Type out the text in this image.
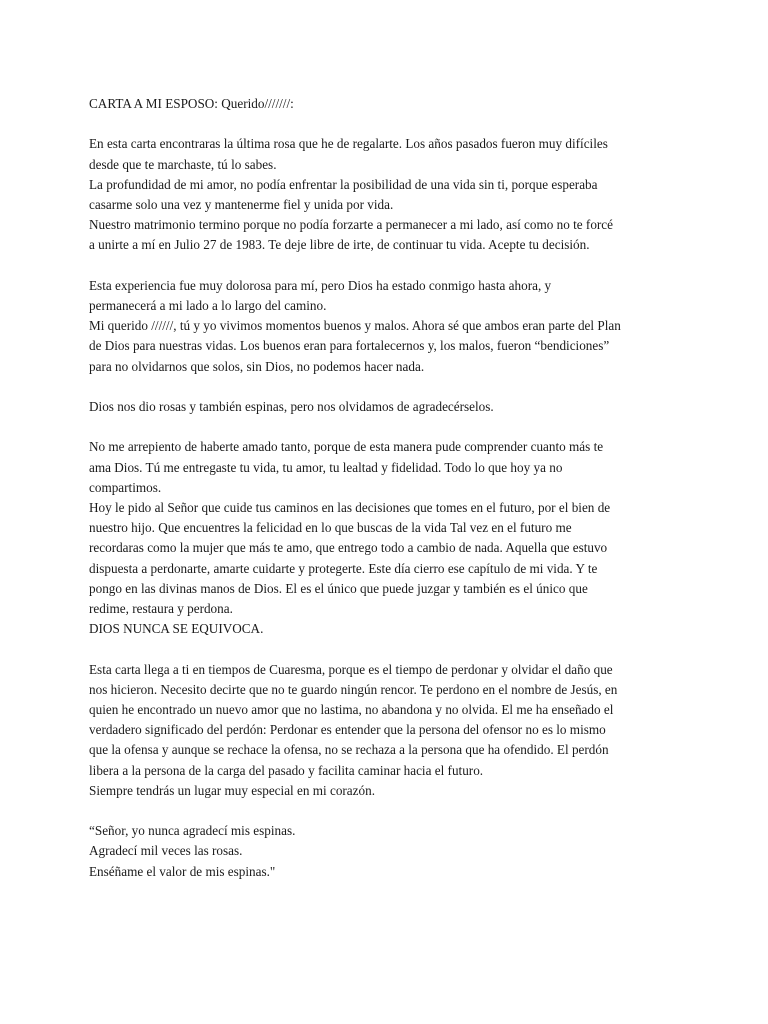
CARTA A MI ESPOSO: Querido///////:
En esta carta encontraras la última rosa que he de regalarte. Los años pasados fueron muy difíciles
desde que te marchaste, tú lo sabes.
La profundidad de mi amor, no podía enfrentar la posibilidad de una vida sin ti, porque esperaba
casarme solo una vez y mantenerme fiel y unida por vida.
Nuestro matrimonio termino porque no podía forzarte a permanecer a mi lado, así como no te forcé
a unirte a mí en Julio 27 de 1983. Te deje libre de irte, de continuar tu vida. Acepte tu decisión.
Esta experiencia fue muy dolorosa para mí, pero Dios ha estado conmigo hasta ahora, y
permanecerá a mi lado a lo largo del camino.
Mi querido //////, tú y yo vivimos momentos buenos y malos. Ahora sé que ambos eran parte del Plan
de Dios para nuestras vidas. Los buenos eran para fortalecernos y, los malos, fueron “bendiciones”
para no olvidarnos que solos, sin Dios, no podemos hacer nada.
Dios nos dio rosas y también espinas, pero nos olvidamos de agradecérselos.
No me arrepiento de haberte amado tanto, porque de esta manera pude comprender cuanto más te
ama Dios. Tú me entregaste tu vida, tu amor, tu lealtad y fidelidad. Todo lo que hoy ya no
compartimos.
Hoy le pido al Señor que cuide tus caminos en las decisiones que tomes en el futuro, por el bien de
nuestro hijo. Que encuentres la felicidad en lo que buscas de la vida Tal vez en el futuro me
recordaras como la mujer que más te amo, que entrego todo a cambio de nada. Aquella que estuvo
dispuesta a perdonarte, amarte cuidarte y protegerte. Este día cierro ese capítulo de mi vida. Y te
pongo en las divinas manos de Dios. El es el único que puede juzgar y también es el único que
redime, restaura y perdona.
DIOS NUNCA SE EQUIVOCA.
Esta carta llega a ti en tiempos de Cuaresma, porque es el tiempo de perdonar y olvidar el daño que
nos hicieron. Necesito decirte que no te guardo ningún rencor. Te perdono en el nombre de Jesús, en
quien he encontrado un nuevo amor que no lastima, no abandona y no olvida. El me ha enseñado el
verdadero significado del perdón: Perdonar es entender que la persona del ofensor no es lo mismo
que la ofensa y aunque se rechace la ofensa, no se rechaza a la persona que ha ofendido. El perdón
libera a la persona de la carga del pasado y facilita caminar hacia el futuro.
Siempre tendrás un lugar muy especial en mi corazón.
“Señor, yo nunca agradecí mis espinas.
Agradecí mil veces las rosas.
Enséñame el valor de mis espinas."
